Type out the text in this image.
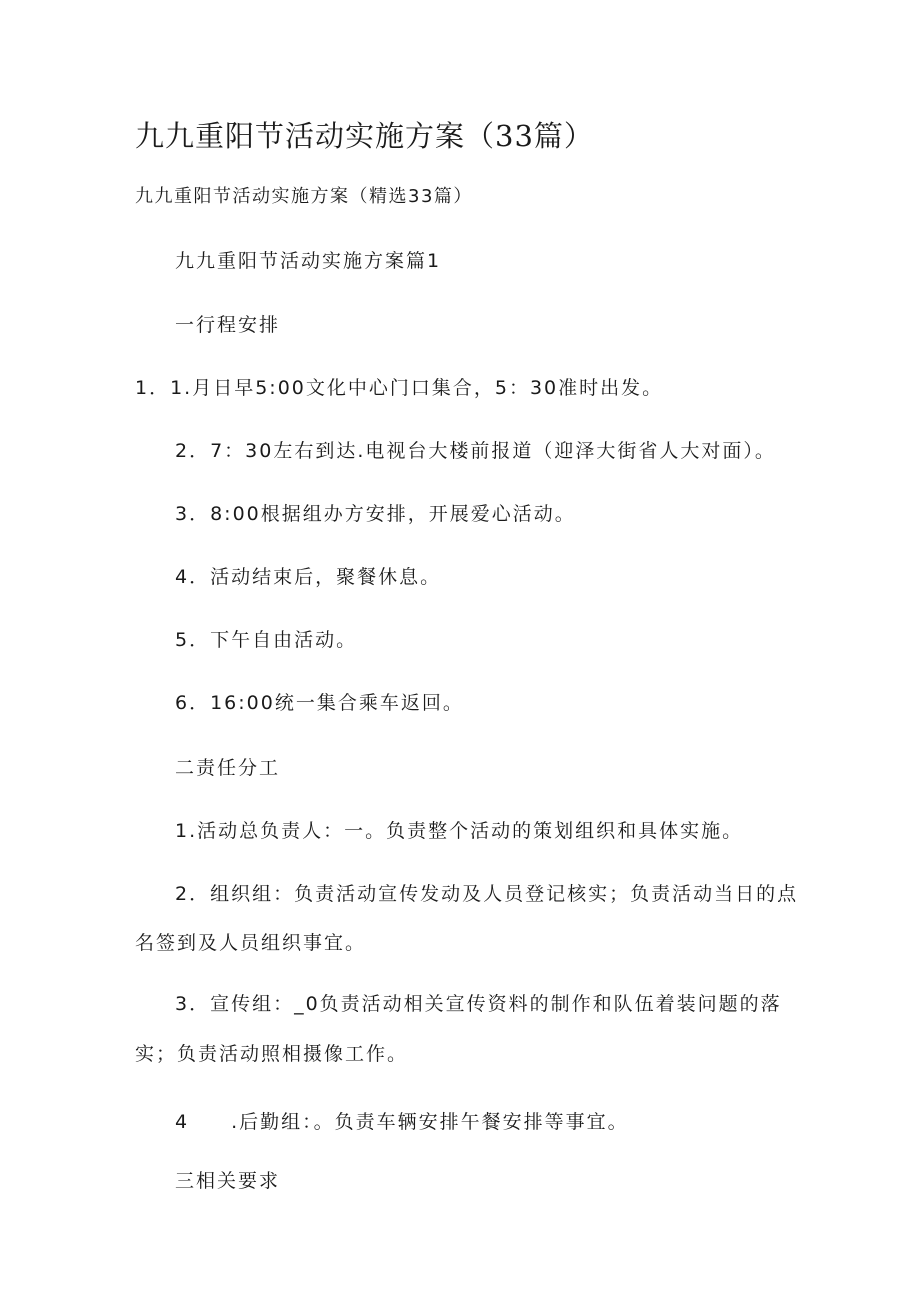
九九重阳节活动实施方案（33篇）
九九重阳节活动实施方案（精选33篇）
九九重阳节活动实施方案篇1
一行程安排
1．1.月日早5:00文化中心门口集合，5：30准时出发。
2．7：30左右到达.电视台大楼前报道（迎泽大街省人大对面）。
3．8:00根据组办方安排，开展爱心活动。
4．活动结束后，聚餐休息。
5．下午自由活动。
6．16:00统一集合乘车返回。
二责任分工
1.活动总负责人：一。负责整个活动的策划组织和具体实施。
2．组织组：负责活动宣传发动及人员登记核实；负责活动当日的点
名签到及人员组织事宜。
3．宣传组：_0负责活动相关宣传资料的制作和队伍着装问题的落
实；负责活动照相摄像工作。
4　　.后勤组：。负责车辆安排午餐安排等事宜。
三相关要求
